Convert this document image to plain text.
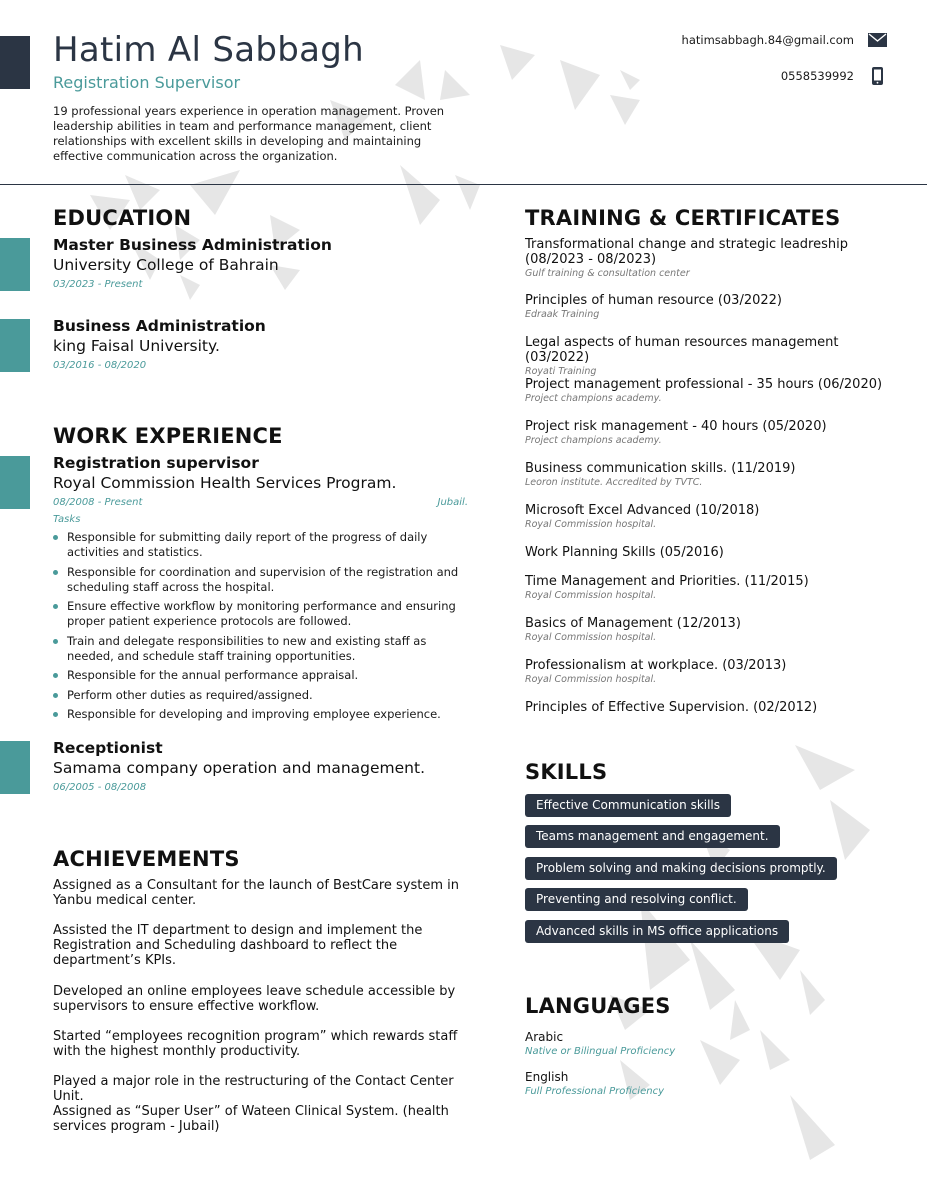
Hatim Al Sabbagh
Registration Supervisor
19 professional years experience in operation management. Proven leadership abilities in team and performance management, client relationships with excellent skills in developing and maintaining effective communication across the organization.
hatimsabbagh.84@gmail.com
0558539992
EDUCATION
Master Business Administration
University College of Bahrain
03/2023 - Present
Business Administration
king Faisal University.
03/2016 - 08/2020
WORK EXPERIENCE
Registration supervisor
Royal Commission Health Services Program.
08/2008 - Present	Jubail.
Tasks
Responsible for submitting daily report of the progress of daily activities and statistics.
Responsible for coordination and supervision of the registration and scheduling staff across the hospital.
Ensure effective workflow by monitoring performance and ensuring proper patient experience protocols are followed.
Train and delegate responsibilities to new and existing staff as needed, and schedule staff training opportunities.
Responsible for the annual performance appraisal.
Perform other duties as required/assigned.
Responsible for developing and improving employee experience.
Receptionist
Samama company operation and management.
06/2005 - 08/2008
ACHIEVEMENTS
Assigned as a Consultant for the launch of BestCare system in Yanbu medical center.
Assisted the IT department to design and implement the Registration and Scheduling dashboard to reflect the department’s KPIs.
Developed an online employees leave schedule accessible by supervisors to ensure effective workflow.
Started “employees recognition program” which rewards staff with the highest monthly productivity.
Played a major role in the restructuring of the Contact Center Unit.
Assigned as “Super User” of Wateen Clinical System. (health services program - Jubail)
TRAINING & CERTIFICATES
Transformational change and strategic leadreship
(08/2023 - 08/2023)
Gulf training & consultation center
Principles of human resource (03/2022)
Edraak Training
Legal aspects of human resources management (03/2022)
Royati Training
Project management professional - 35 hours (06/2020)
Project champions academy.
Project risk management - 40 hours (05/2020)
Project champions academy.
Business communication skills. (11/2019)
Leoron institute. Accredited by TVTC.
Microsoft Excel Advanced (10/2018)
Royal Commission hospital.
Work Planning Skills (05/2016)
Time Management and Priorities. (11/2015)
Royal Commission hospital.
Basics of Management (12/2013)
Royal Commission hospital.
Professionalism at workplace. (03/2013)
Royal Commission hospital.
Principles of Effective Supervision. (02/2012)
SKILLS
Effective Communication skills
Teams management and engagement.
Problem solving and making decisions promptly.
Preventing and resolving conflict.
Advanced skills in MS office applications
LANGUAGES
Arabic
Native or Bilingual Proficiency
English
Full Professional Proficiency
